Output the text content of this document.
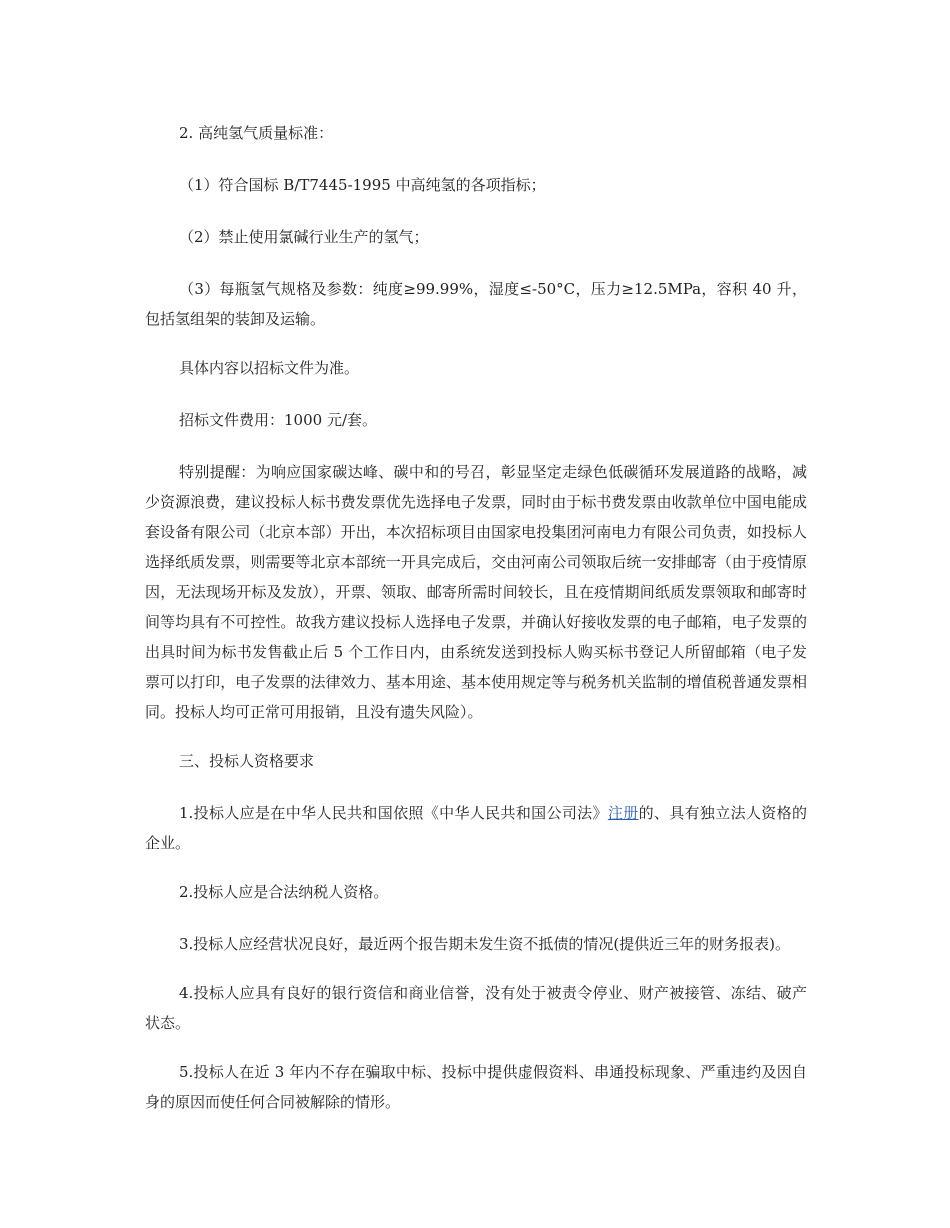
2. 高纯氢气质量标准：

（1）符合国标 B/T7445-1995 中高纯氢的各项指标；

（2）禁止使用氯碱行业生产的氢气；

（3）每瓶氢气规格及参数：纯度≥99.99%，湿度≤-50°C，压力≥12.5MPa，容积 40 升，包括氢组架的装卸及运输。

具体内容以招标文件为准。

招标文件费用：1000 元/套。

特别提醒：为响应国家碳达峰、碳中和的号召，彰显坚定走绿色低碳循环发展道路的战略，减少资源浪费，建议投标人标书费发票优先选择电子发票，同时由于标书费发票由收款单位中国电能成套设备有限公司（北京本部）开出，本次招标项目由国家电投集团河南电力有限公司负责，如投标人选择纸质发票，则需要等北京本部统一开具完成后，交由河南公司领取后统一安排邮寄（由于疫情原因，无法现场开标及发放），开票、领取、邮寄所需时间较长，且在疫情期间纸质发票领取和邮寄时间等均具有不可控性。故我方建议投标人选择电子发票，并确认好接收发票的电子邮箱，电子发票的出具时间为标书发售截止后 5 个工作日内，由系统发送到投标人购买标书登记人所留邮箱（电子发票可以打印，电子发票的法律效力、基本用途、基本使用规定等与税务机关监制的增值税普通发票相同。投标人均可正常可用报销，且没有遗失风险）。

三、投标人资格要求

1.投标人应是在中华人民共和国依照《中华人民共和国公司法》注册的、具有独立法人资格的企业。

2.投标人应是合法纳税人资格。

3.投标人应经营状况良好，最近两个报告期未发生资不抵债的情况(提供近三年的财务报表)。

4.投标人应具有良好的银行资信和商业信誉，没有处于被责令停业、财产被接管、冻结、破产状态。

5.投标人在近 3 年内不存在骗取中标、投标中提供虚假资料、串通投标现象、严重违约及因自身的原因而使任何合同被解除的情形。
